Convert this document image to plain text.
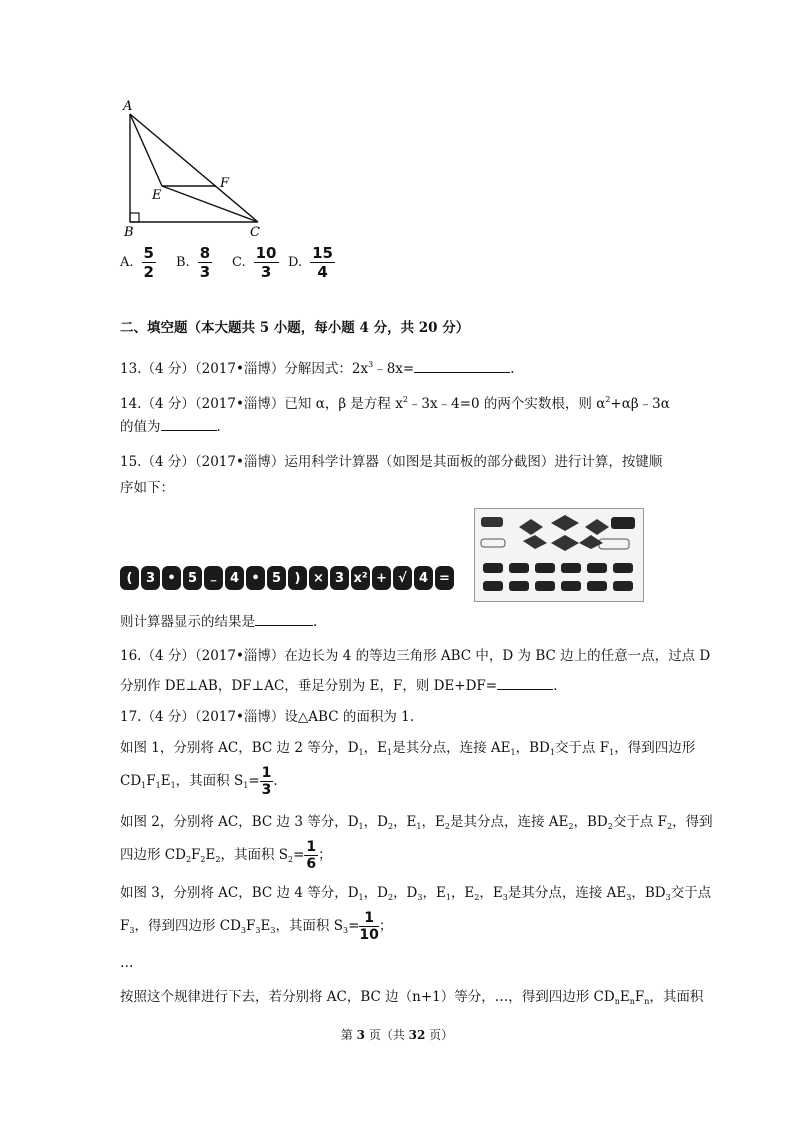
A
B	C
E
F
A. $\frac{5}{2} B$. $\frac{8}{3} C$. $\frac{10}{3} D$. $\frac{15}{4}$
二、填空题（本大题共 5 小题，每小题 4 分，共 20 分）
13.（4 分）（2017•淄博）分解因式：$2x^3﹣8x=$	.
14.（4 分）（2017•淄博）已知 α，β 是方程 $x^2﹣3x﹣4=0$ 的两个实数根，则 $\alpha^2+\alpha\beta﹣3\alpha$
的值为	.
15.（4 分）（2017•淄博）运用科学计算器（如图是其面板的部分截图）进行计算，按键顺
序如下：
(	3 • 5 ﹣ 4 • 5	) × 3 x² + √ 4 =
则计算器显示的结果是	.
16.（4 分）（2017•淄博）在边长为 4 的等边三角形 ABC 中，D 为 BC 边上的任意一点，过点 D
分别作 DE⊥AB，DF⊥AC，垂足分别为 E，F，则 DE+DF=	.
17.（4 分）（2017•淄博）设△ABC 的面积为 1.
如图 1，分别将 AC，BC 边 2 等分，$D_1$，$E_1$是其分点，连接 $AE_1$，$BD_1$交于点 $F_1$，得到四边形
$CD_1F_1E_1$，其面积 $S_1= \frac{1}{3}$ .
如图 2，分别将 AC，BC 边 3 等分，$D_1$，$D_2$，$E_1$，$E_2$是其分点，连接 $AE_2$，$BD_2$交于点 $F_2$，得到
四边形 $CD_2F_2E_2$，其面积 $S_2= \frac{1}{6}$ ；
如图 3，分别将 AC，BC 边 4 等分，$D_1$，$D_2$，$D_3$，$E_1$，$E_2$，$E_3$是其分点，连接 $AE_3$，$BD_3$交于点
$F_3$，得到四边形 $CD_3F_3E_3$，其面积 $S_3= \frac{1}{10}$ ；
…
按照这个规律进行下去，若分别将 AC，BC 边（n+1）等分，…，得到四边形 $CD_nE_nF_n$，其面积
第 3 页（共 32 页）
